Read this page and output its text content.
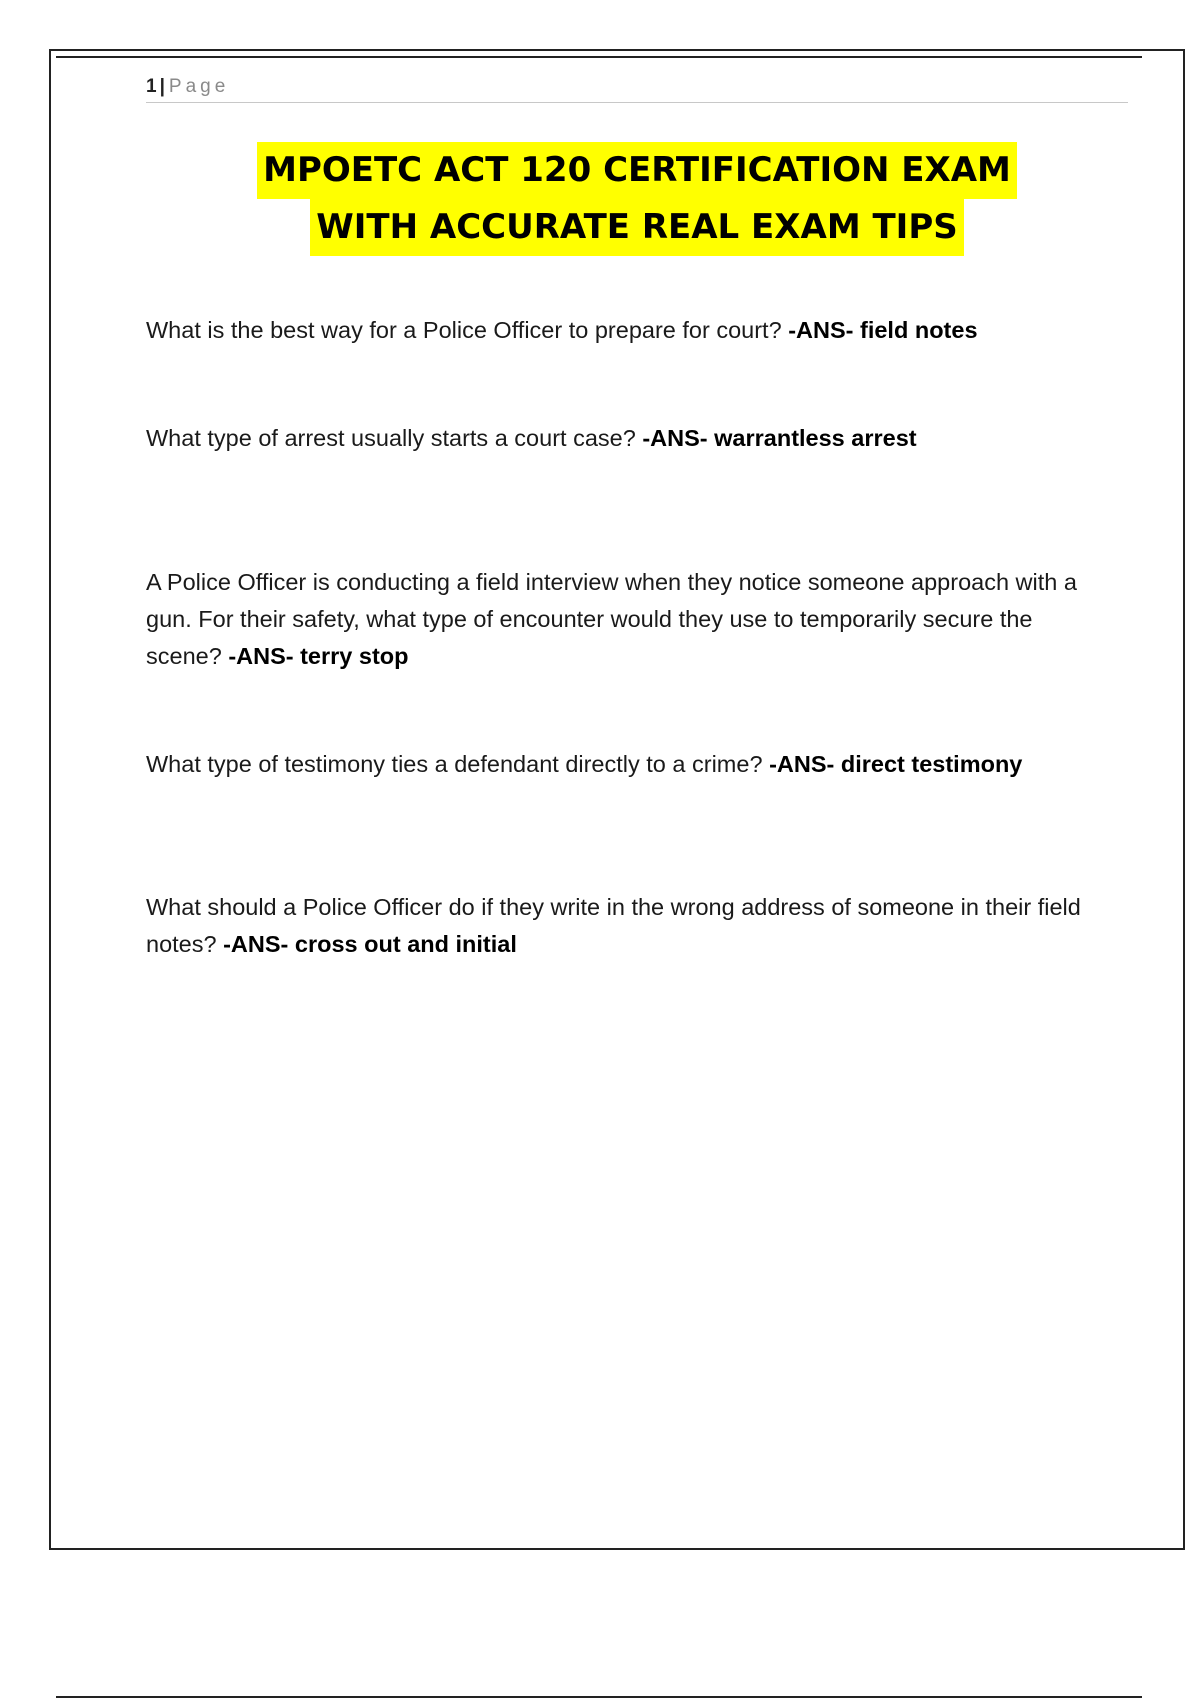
1 | Page
MPOETC ACT 120 CERTIFICATION EXAM
WITH ACCURATE REAL EXAM TIPS
What is the best way for a Police Officer to prepare for court? -ANS- field notes
What type of arrest usually starts a court case? -ANS- warrantless arrest
A Police Officer is conducting a field interview when they notice someone approach with a gun. For their safety, what type of encounter would they use to temporarily secure the scene? -ANS- terry stop
What type of testimony ties a defendant directly to a crime? -ANS- direct testimony
What should a Police Officer do if they write in the wrong address of someone in their field notes? -ANS- cross out and initial
